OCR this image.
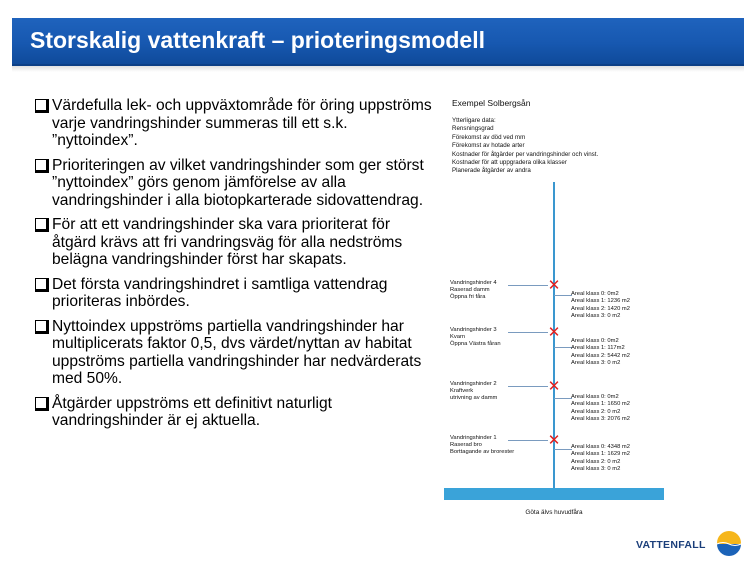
Storskalig vattenkraft – prioteringsmodell
Värdefulla lek- och uppväxtområde för öring uppströms varje vandringshinder summeras till ett s.k. ”nyttoindex”.
Prioriteringen av vilket vandringshinder som ger störst ”nyttoindex” görs genom jämförelse av alla vandringshinder i alla biotopkarterade sidovattendrag.
För att ett vandringshinder ska vara prioriterat för åtgärd krävs att fri vandringsväg för alla nedströms belägna vandringshinder först har skapats.
Det första vandringshindret i samtliga vattendrag prioriteras inbördes.
Nyttoindex uppströms partiella vandringshinder har multiplicerats faktor 0,5, dvs värdet/nyttan av habitat uppströms partiella vandringshinder har nedvärderats med 50%.
Åtgärder uppströms ett definitivt naturligt vandringshinder är ej aktuella.
Exempel Solbergsån
Ytterligare data:
Rensningsgrad
Förekomst av död ved mm
Förekomst av hotade arter
Kostnader för åtgärder per vandringshinder och vinst.
Kostnader för att uppgradera olika klasser
Planerade åtgärder av andra
Vandringshinder 4
Raserad damm
Öppna fri fåra
✕ Areal klass 0: 0m2
Areal klass 1: 1236 m2
Areal klass 2: 1420 m2
Areal klass 3: 0 m2
Vandringshinder 3
Kvarn
Öppna Västra fåran
✕ Areal klass 0: 0m2
Areal klass 1: 117m2
Areal klass 2: 5442 m2
Areal klass 3: 0 m2
Vandringshinder 2
Kraftverk
utrivning av damm
✕
Areal klass 0: 0m2
Areal klass 1: 1650 m2
Areal klass 2: 0 m2
Areal klass 3: 2076 m2
Vandringshinder 1
Raserad bro
Borttagande av brorester
✕ Areal klass 0: 4348 m2
Areal klass 1: 1629 m2
Areal klass 2: 0 m2
Areal klass 3: 0 m2
Göta älvs huvudfåra
VATTENFALL
